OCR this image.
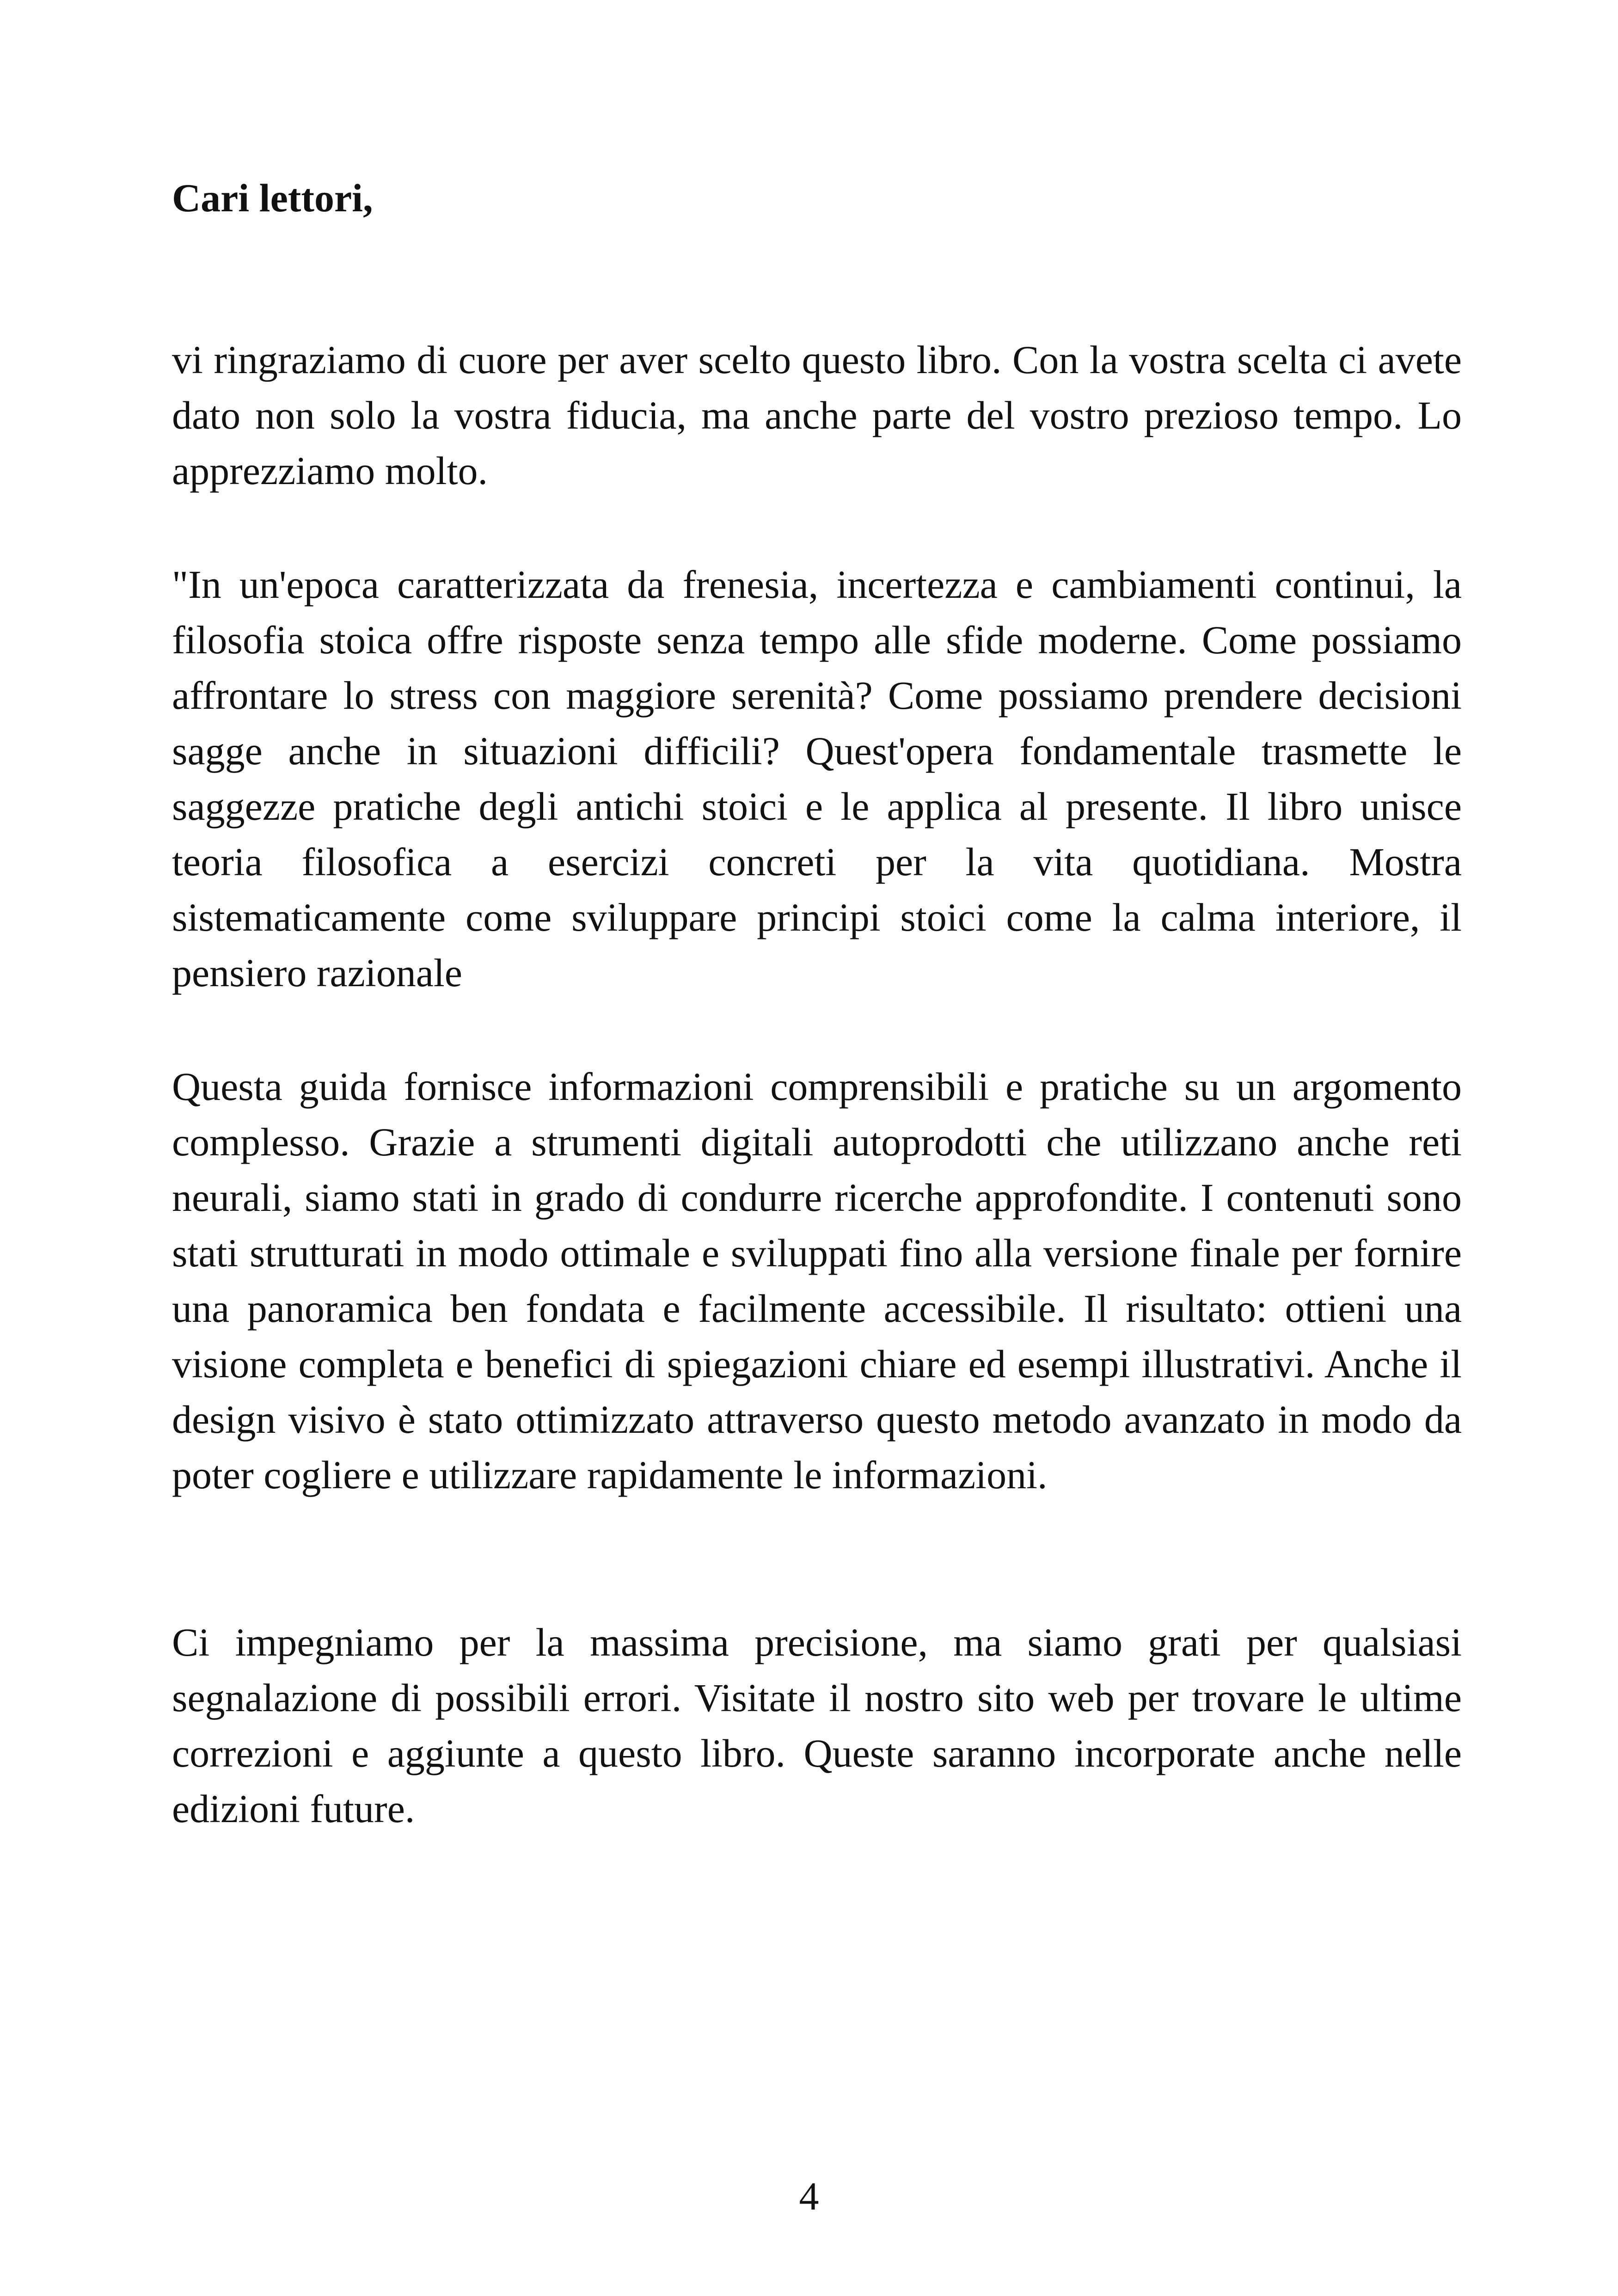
Cari lettori,

vi ringraziamo di cuore per aver scelto questo libro. Con la vostra scelta ci avete dato non solo la vostra fiducia, ma anche parte del vostro prezioso tempo. Lo apprezziamo molto.

"In un'epoca caratterizzata da frenesia, incertezza e cambiamenti continui, la filosofia stoica offre risposte senza tempo alle sfide moderne. Come possiamo affrontare lo stress con maggiore serenità? Come possiamo prendere decisioni sagge anche in situazioni difficili? Quest'opera fondamentale trasmette le saggezze pratiche degli antichi stoici e le applica al presente. Il libro unisce teoria filosofica a esercizi concreti per la vita quotidiana. Mostra sistematicamente come sviluppare principi stoici come la calma interiore, il pensiero razionale

Questa guida fornisce informazioni comprensibili e pratiche su un argomento complesso. Grazie a strumenti digitali autoprodotti che utilizzano anche reti neurali, siamo stati in grado di condurre ricerche approfondite. I contenuti sono stati strutturati in modo ottimale e sviluppati fino alla versione finale per fornire una panoramica ben fondata e facilmente accessibile. Il risultato: ottieni una visione completa e benefici di spiegazioni chiare ed esempi illustrativi. Anche il design visivo è stato ottimizzato attraverso questo metodo avanzato in modo da poter cogliere e utilizzare rapidamente le informazioni.

Ci impegniamo per la massima precisione, ma siamo grati per qualsiasi segnalazione di possibili errori. Visitate il nostro sito web per trovare le ultime correzioni e aggiunte a questo libro. Queste saranno incorporate anche nelle edizioni future.

4
